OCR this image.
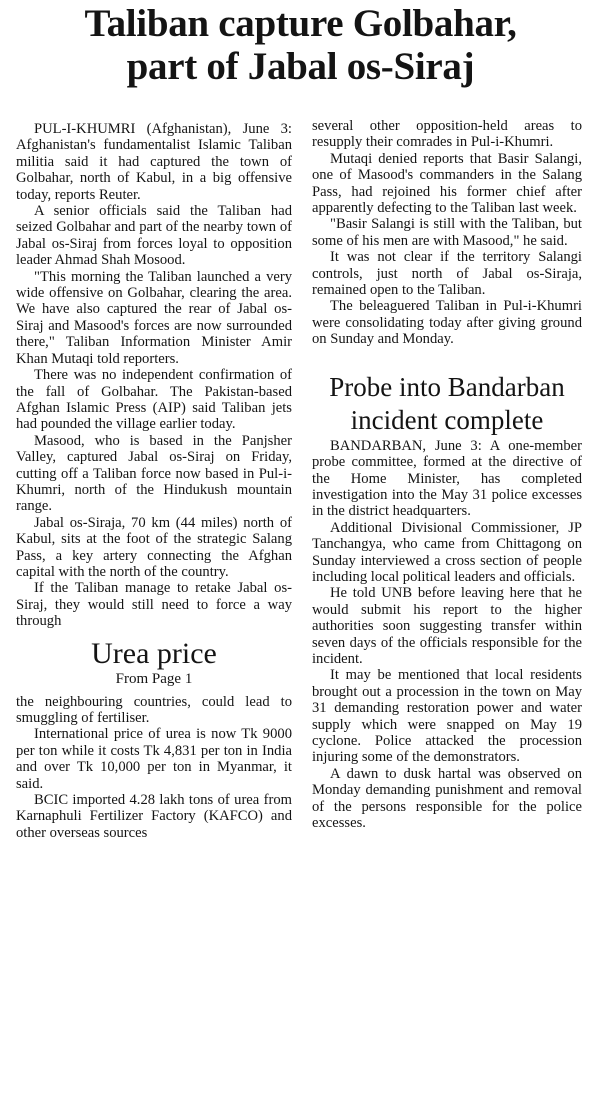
Taliban capture Golbahar,
part of Jabal os-Siraj

PUL-I-KHUMRI (Afghanistan), June 3: Afghanistan's fundamentalist Islamic Taliban militia said it had captured the town of Golbahar, north of Kabul, in a big offensive today, reports Reuter.

A senior officials said the Taliban had seized Golbahar and part of the nearby town of Jabal os-Siraj from forces loyal to opposition leader Ahmad Shah Mosood.

"This morning the Taliban launched a very wide offensive on Golbahar, clearing the area. We have also captured the rear of Jabal os-Siraj and Masood's forces are now surrounded there," Taliban Information Minister Amir Khan Mutaqi told reporters.

There was no independent confirmation of the fall of Golbahar. The Pakistan-based Afghan Islamic Press (AIP) said Taliban jets had pounded the village earlier today.

Masood, who is based in the Panjsher Valley, captured Jabal os-Siraj on Friday, cutting off a Taliban force now based in Pul-i-Khumri, north of the Hindukush mountain range.

Jabal os-Siraja, 70 km (44 miles) north of Kabul, sits at the foot of the strategic Salang Pass, a key artery connecting the Afghan capital with the north of the country.

If the Taliban manage to retake Jabal os-Siraj, they would still need to force a way through

Urea price
From Page 1

the neighbouring countries, could lead to smuggling of fertiliser.

International price of urea is now Tk 9000 per ton while it costs Tk 4,831 per ton in India and over Tk 10,000 per ton in Myanmar, it said.

BCIC imported 4.28 lakh tons of urea from Karnaphuli Fertilizer Factory (KAFCO) and other overseas sources

several other opposition-held areas to resupply their comrades in Pul-i-Khumri.

Mutaqi denied reports that Basir Salangi, one of Masood's commanders in the Salang Pass, had rejoined his former chief after apparently defecting to the Taliban last week.

"Basir Salangi is still with the Taliban, but some of his men are with Masood," he said.

It was not clear if the territory Salangi controls, just north of Jabal os-Siraja, remained open to the Taliban.

The beleaguered Taliban in Pul-i-Khumri were consolidating today after giving ground on Sunday and Monday.

Probe into Bandarban
incident complete

BANDARBAN, June 3: A one-member probe committee, formed at the directive of the Home Minister, has completed investigation into the May 31 police excesses in the district headquarters.

Additional Divisional Commissioner, JP Tanchangya, who came from Chittagong on Sunday interviewed a cross section of people including local political leaders and officials.

He told UNB before leaving here that he would submit his report to the higher authorities soon suggesting transfer within seven days of the officials responsible for the incident.

It may be mentioned that local residents brought out a procession in the town on May 31 demanding restoration power and water supply which were snapped on May 19 cyclone. Police attacked the procession injuring some of the demonstrators.

A dawn to dusk hartal was observed on Monday demanding punishment and removal of the persons responsible for the police excesses.
